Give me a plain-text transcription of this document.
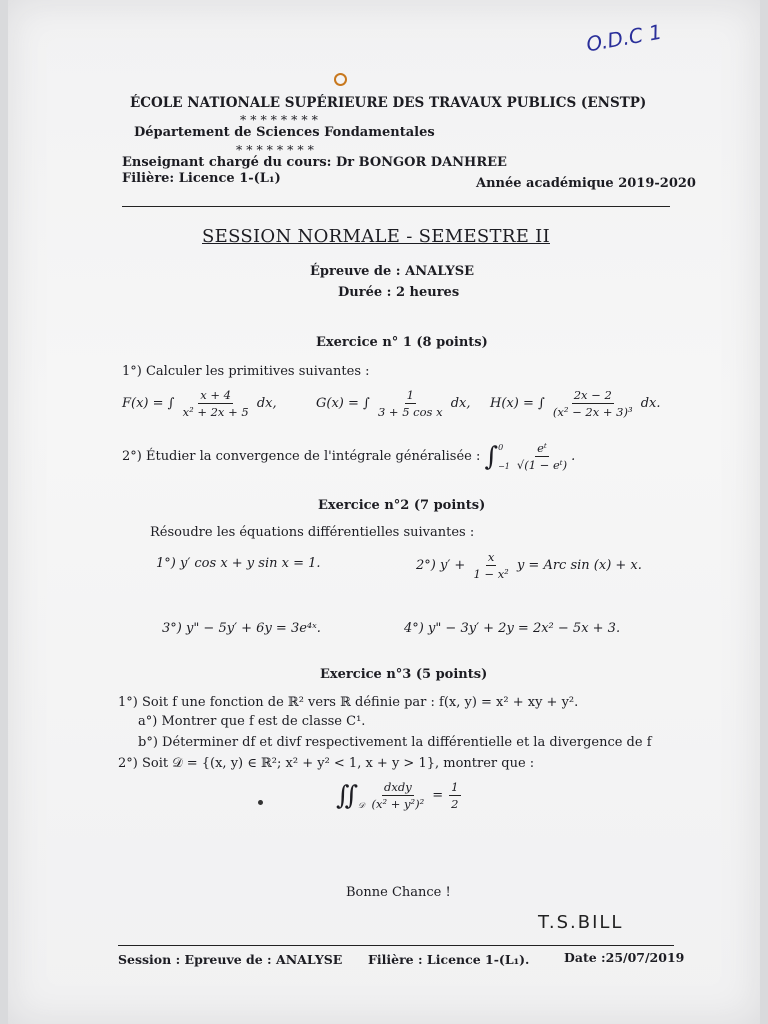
O.D.C 1
ÉCOLE NATIONALE SUPÉRIEURE DES TRAVAUX PUBLICS (ENSTP)
* * * * * * * *
Département de Sciences Fondamentales
* * * * * * * *
Enseignant chargé du cours: Dr BONGOR DANHREE
Filière: Licence 1-(L₁)	Année académique 2019-2020
SESSION NORMALE - SEMESTRE II
Épreuve de : ANALYSE
Durée : 2 heures
Exercice n° 1 (8 points)
1°) Calculer les primitives suivantes :
F(x) = ∫ $\frac{x + 4}{\text{x² + 2x + 5}}$ dx,	G(x) = ∫ $\frac{1}{\text{3 + 5 cos x}}$ dx, H(x) = ∫ $\frac{2x - 2}{\text{(x² − 2x + 3)³}}$ dx.
2°) Étudier la convergence de l'intégrale généralisée : ∫ 0
$-1 \frac{\text{eᵗ}}{\text{√(1 − eᵗ)}}$ .
Exercice n°2 (7 points)
Résoudre les équations différentielles suivantes :
1°) y′ cos x + y sin x = 1.	2°) $y' + \frac{x}{\text{1 − x²}}$ y = Arc sin (x) + x.
3°) y" − 5y′ + 6y = 3e⁴ˣ.	4°) y" − 3y′ + 2y = 2x² − 5x + 3.
Exercice n°3 (5 points)
1°) Soit f une fonction de ℝ² vers ℝ définie par : f(x, y) = x² + xy + y².
a°) Montrer que f est de classe C¹.
b°) Déterminer df et divf respectivement la différentielle et la divergence de f
2°) Soit 𝒟 = {(x, y) ∈ ℝ²; x² + y² < 1, x + y > 1}, montrer que :
∬ 𝒟 $\frac{\text{dxdy}}{\text{(x² + y²)²}} = \frac{1}{2}$
Bonne Chance !
T.S.BILL
Session : Epreuve de : ANALYSE Filière : Licence 1-(L₁).	Date :25/07/2019
